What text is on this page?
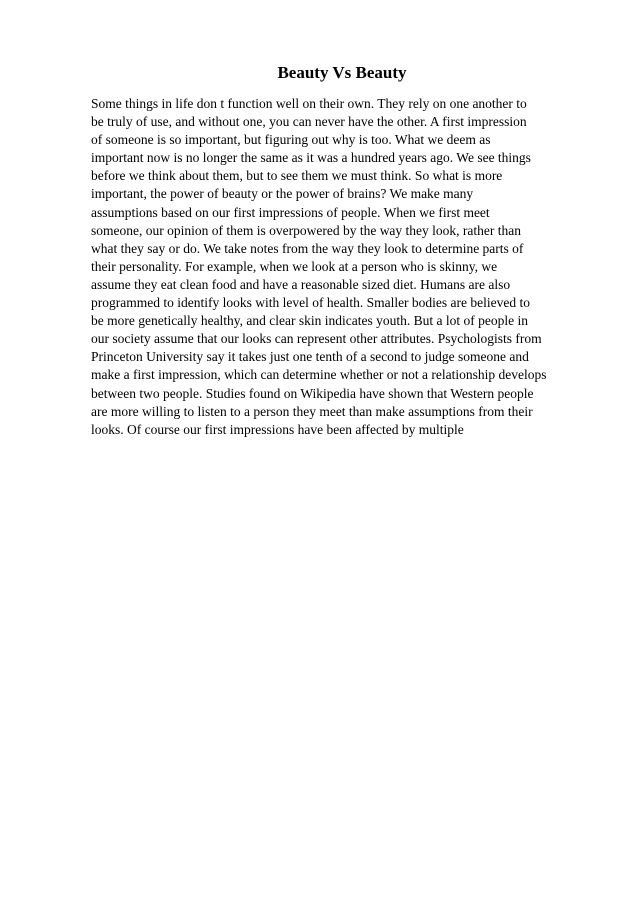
Beauty Vs Beauty
Some things in life don t function well on their own. They rely on one another to
be truly of use, and without one, you can never have the other. A first impression
of someone is so important, but figuring out why is too. What we deem as
important now is no longer the same as it was a hundred years ago. We see things
before we think about them, but to see them we must think. So what is more
important, the power of beauty or the power of brains? We make many
assumptions based on our first impressions of people. When we first meet
someone, our opinion of them is overpowered by the way they look, rather than
what they say or do. We take notes from the way they look to determine parts of
their personality. For example, when we look at a person who is skinny, we
assume they eat clean food and have a reasonable sized diet. Humans are also
programmed to identify looks with level of health. Smaller bodies are believed to
be more genetically healthy, and clear skin indicates youth. But a lot of people in
our society assume that our looks can represent other attributes. Psychologists from
Princeton University say it takes just one tenth of a second to judge someone and
make a first impression, which can determine whether or not a relationship develops
between two people. Studies found on Wikipedia have shown that Western people
are more willing to listen to a person they meet than make assumptions from their
looks. Of course our first impressions have been affected by multiple
